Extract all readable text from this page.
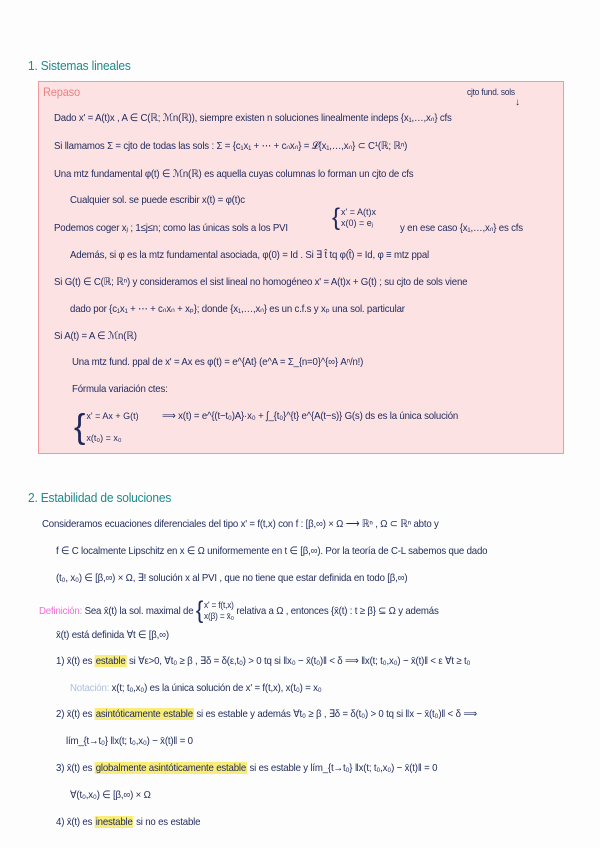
1. Sistemas lineales
Repaso	cjto fund. sols
↓
Dado x' = A(t)x , A ∈ C(ℝ; ℳn(ℝ)), siempre existen n soluciones linealmente indeps {x₁,…,xₙ} cfs
Si llamamos Σ = cjto de todas las sols : Σ = {c₁x₁ + ⋯ + cₙxₙ} = 𝓛{x₁,…,xₙ} ⊂ C¹(ℝ; ℝⁿ)
Una mtz fundamental φ(t) ∈ ℳn(ℝ) es aquella cuyas columnas lo forman un cjto de cfs
Cualquier sol. se puede escribir x(t) = φ(t)c
Podemos coger xⱼ ; 1≤j≤n; como las únicas sols a los PVI { x' = A(t)x
x(0) = eⱼ	y en ese caso {x₁,…,xₙ} es cfs
Además, si φ es la mtz fundamental asociada, φ(0) = Id . Si ∃ t̂ tq φ(t̂) = Id, φ ≡ mtz ppal
Si G(t) ∈ C(ℝ; ℝⁿ) y consideramos el sist lineal no homogéneo x' = A(t)x + G(t) ; su cjto de sols viene
dado por {c₁x₁ + ⋯ + cₙxₙ + xₚ}; donde {x₁,…,xₙ} es un c.f.s y xₚ una sol. particular
Si A(t) = A ∈ ℳn(ℝ)
Una mtz fund. ppal de x' = Ax es φ(t) = e^{At} (e^A = Σ_{n=0}^{∞} Aⁿ/n!)
Fórmula variación ctes:
{ x' = Ax + G(t)
x(t₀) = x₀
⟹ x(t) = e^{(t−t₀)A}·x₀ + ∫_{t₀}^{t} e^{A(t−s)} G(s) ds es la única solución
2. Estabilidad de soluciones
Consideramos ecuaciones diferenciales del tipo x' = f(t,x) con f : [β,∞) × Ω ⟶ ℝⁿ , Ω ⊂ ℝⁿ abto y
f ∈ C localmente Lipschitz en x ∈ Ω uniformemente en t ∈ [β,∞). Por la teoría de C-L sabemos que dado
(t₀, x₀) ∈ [β,∞) × Ω, ∃! solución x al PVI , que no tiene que estar definida en todo [β,∞)
Definición: Sea x̄(t) la sol. maximal de { x' = f(t,x)
x(β) = x̄₀ relativa a Ω , entonces {x̄(t) : t ≥ β} ⊆ Ω y además
x̄(t) está definida ∀t ∈ [β,∞)
1) x̄(t) es estable si ∀ε>0, ∀t₀ ≥ β , ∃δ = δ(ε,t₀) > 0 tq si ‖x₀ − x̄(t₀)‖ < δ ⟹ ‖x(t; t₀,x₀) − x̄(t)‖ < ε ∀t ≥ t₀
Notación: x(t; t₀,x₀) es la única solución de x' = f(t,x), x(t₀) = x₀
2) x̄(t) es asintóticamente estable si es estable y además ∀t₀ ≥ β , ∃δ = δ(t₀) > 0 tq si ‖x − x̄(t₀)‖ < δ ⟹
lím_{t→t₀} ‖x(t; t₀,x₀) − x̄(t)‖ = 0
3) x̄(t) es globalmente asintóticamente estable si es estable y lím_{t→t₀} ‖x(t; t₀,x₀) − x̄(t)‖ = 0
∀(t₀,x₀) ∈ [β,∞) × Ω
4) x̄(t) es inestable si no es estable
